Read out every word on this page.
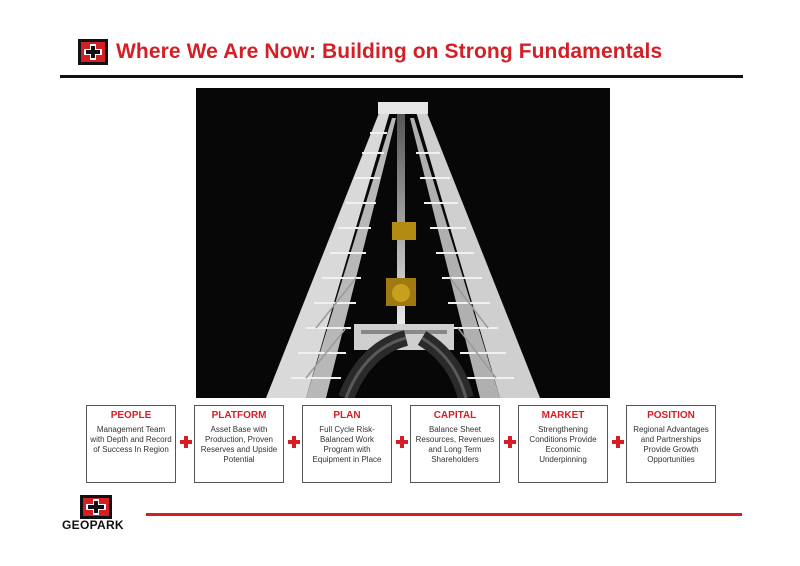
Where We Are Now: Building on Strong Fundamentals
PEOPLE
Management Team with Depth and Record of Success In Region
PLATFORM
Asset Base with Production, Proven Reserves and Upside Potential
PLAN
Full Cycle Risk-Balanced Work Program with Equipment in Place
CAPITAL
Balance Sheet Resources, Revenues and Long Term Shareholders
MARKET
Strengthening Conditions Provide Economic Underpinning
POSITION
Regional Advantages and Partnerships Provide Growth Opportunities
GEOPARK
